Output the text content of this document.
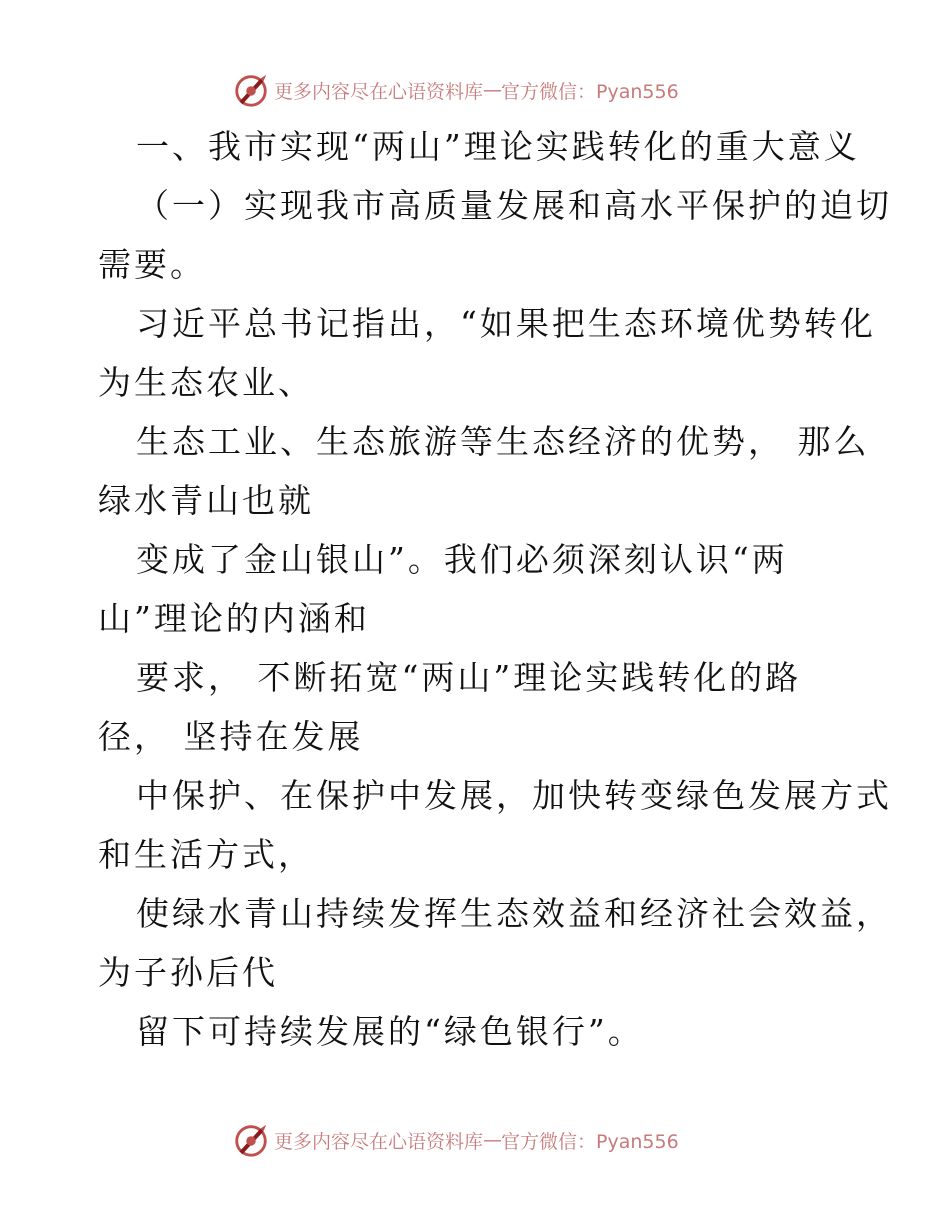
更多内容尽在心语资料库 — 官方微信：Pyan556
一、我市实现“两山”理论实践转化的重大意义
（一）实现我市高质量发展和高水平保护的迫切
需要。
习近平总书记指出，“如果把生态环境优势转化
为生态农业、
生态工业、生态旅游等生态经济的优势， 那么
绿水青山也就
变成了金山银山”。我们必须深刻认识“两
山”理论的内涵和
要求， 不断拓宽“两山”理论实践转化的路
径， 坚持在发展
中保护、在保护中发展，加快转变绿色发展方式
和生活方式，
使绿水青山持续发挥生态效益和经济社会效益，
为子孙后代
留下可持续发展的“绿色银行”。
更多内容尽在心语资料库 — 官方微信：Pyan556
